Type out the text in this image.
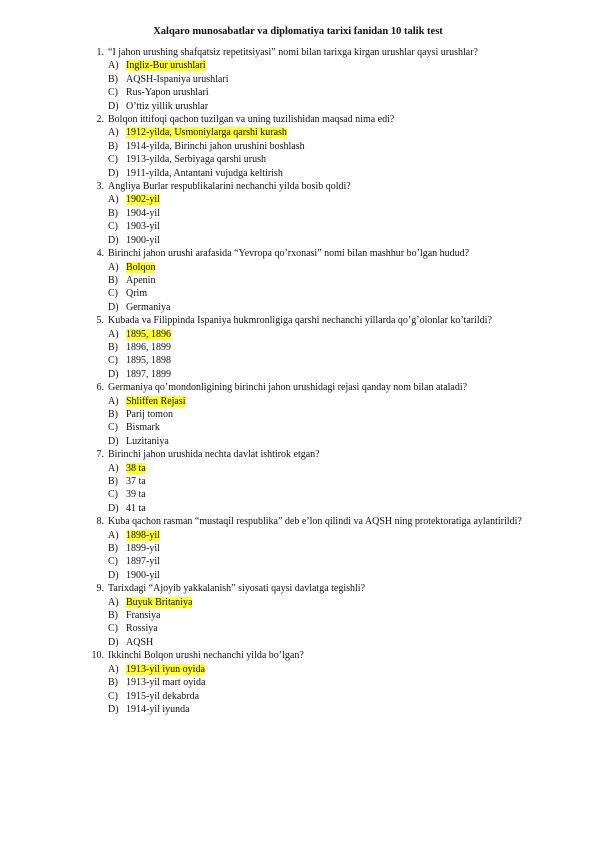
Xalqaro munosabatlar va diplomatiya tarixi fanidan 10 talik test
1. “I jahon urushing shafqatsiz repetitsiyasi” nomi bilan tarixga kirgan urushlar qaysi urushlar?
A) Ingliz-Bur urushlari
B) AQSH-Ispaniya urushlari
C) Rus-Yapon urushlari
D) O’ttiz yillik urushlar
2. Bolqon ittifoqi qachon tuzilgan va uning tuzilishidan maqsad nima edi?
A) 1912-yilda, Usmoniylarga qarshi kurash
B) 1914-yilda, Birinchi jahon urushini boshlash
C) 1913-yilda, Serbiyaga qarshi urush
D) 1911-yilda, Antantani vujudga keltirish
3. Angliya Burlar respublikalarini nechanchi yilda bosib qoldi?
A) 1902-yil
B) 1904-yil
C) 1903-yil
D) 1900-yil
4. Birinchi jahon urushi arafasida “Yevropa qo’rxonasi” nomi bilan mashhur bo’lgan hudud?
A) Bolqon
B) Apenin
C) Qrim
D) Germaniya
5. Kubada va Filippinda Ispaniya hukmronligiga qarshi nechanchi yillarda qo’g’olonlar ko’tarildi?
A) 1895, 1896
B) 1896, 1899
C) 1895, 1898
D) 1897, 1899
6. Germaniya qo’mondonligining birinchi jahon urushidagi rejasi qanday nom bilan ataladi?
A) Shliffen Rejasi
B) Parij tomon
C) Bismark
D) Luzitaniya
7. Birinchi jahon urushida nechta davlat ishtirok etgan?
A) 38 ta
B) 37 ta
C) 39 ta
D) 41 ta
8. Kuba qachon rasman “mustaqil respublika” deb e’lon qilindi va AQSH ning protektoratiga aylantirildi?
A) 1898-yil
B) 1899-yil
C) 1897-yil
D) 1900-yil
9. Tarixdagi “Ajoyib yakkalanish” siyosati qaysi davlatga tegishli?
A) Buyuk Britaniya
B) Fransiya
C) Rossiya
D) AQSH
10. Ikkinchi Bolqon urushi nechanchi yilda bo’lgan?
A) 1913-yil iyun oyida
B) 1913-yil mart oyida
C) 1915-yil dekabrda
D) 1914-yil iyunda
